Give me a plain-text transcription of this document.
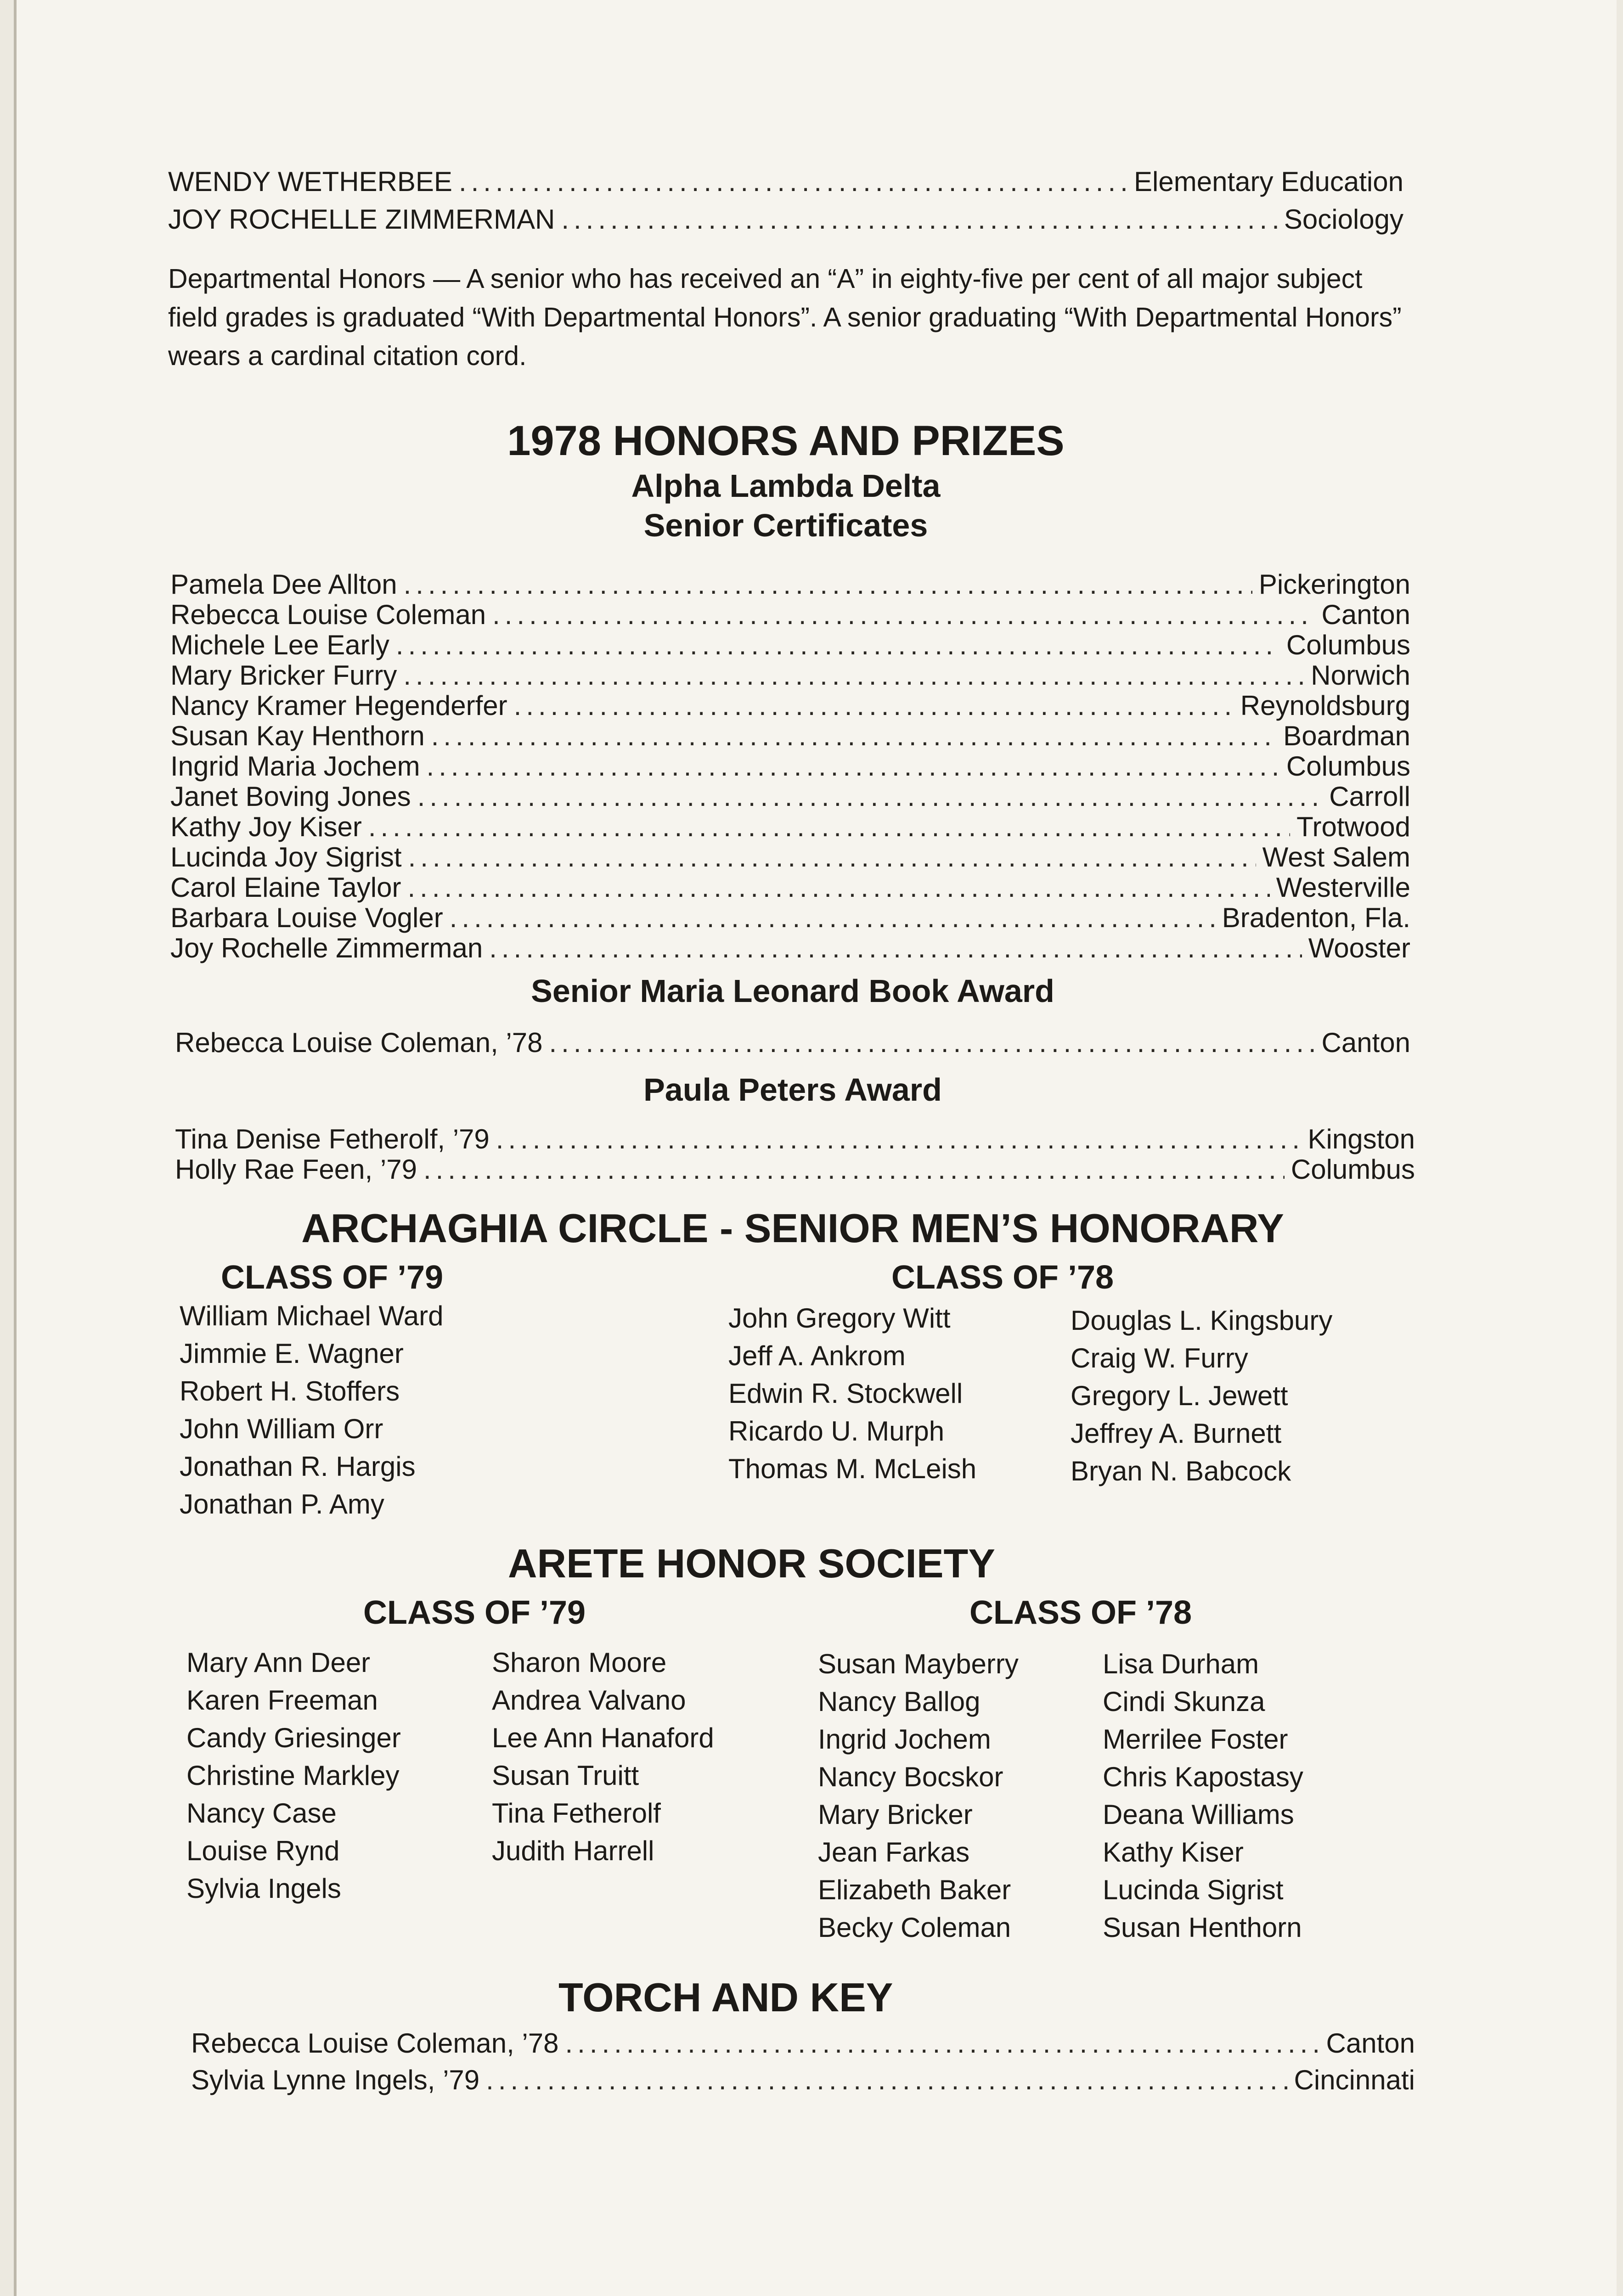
WENDY WETHERBEE .....	Elementary Education
JOY ROCHELLE ZIMMERMAN .....	Sociology

Departmental Honors — A senior who has received an “A” in eighty-five per cent of all major subject field grades is graduated “With Departmental Honors”. A senior graduating “With Departmental Honors” wears a cardinal citation cord.

1978 HONORS AND PRIZES

Alpha Lambda Delta

Senior Certificates

Pamela Dee Allton .....	Pickerington
Rebecca Louise Coleman .....	Canton
Michele Lee Early .....	Columbus
Mary Bricker Furry .....	Norwich
Nancy Kramer Hegenderfer .....	Reynoldsburg
Susan Kay Henthorn .....	Boardman
Ingrid Maria Jochem .....	Columbus
Janet Boving Jones .....	Carroll
Kathy Joy Kiser .....	Trotwood
Lucinda Joy Sigrist .....	West Salem
Carol Elaine Taylor .....	Westerville
Barbara Louise Vogler .....	Bradenton, Fla.
Joy Rochelle Zimmerman .....	Wooster

Senior Maria Leonard Book Award

Rebecca Louise Coleman, ’78 .....	Canton

Paula Peters Award

Tina Denise Fetherolf, ’79 .....	Kingston
Holly Rae Feen, ’79 .....	Columbus

ARCHAGHIA CIRCLE - SENIOR MEN’S HONORARY

CLASS OF ’79	CLASS OF ’78
William Michael Ward
Jimmie E. Wagner
Robert H. Stoffers
John William Orr
Jonathan R. Hargis
Jonathan P. Amy
John Gregory Witt
Jeff A. Ankrom
Edwin R. Stockwell
Ricardo U. Murph
Thomas M. McLeish
Douglas L. Kingsbury
Craig W. Furry
Gregory L. Jewett
Jeffrey A. Burnett
Bryan N. Babcock

ARETE HONOR SOCIETY

CLASS OF ’79	CLASS OF ’78
Mary Ann Deer
Karen Freeman
Candy Griesinger
Christine Markley
Nancy Case
Louise Rynd
Sylvia Ingels
Sharon Moore
Andrea Valvano
Lee Ann Hanaford
Susan Truitt
Tina Fetherolf
Judith Harrell
Susan Mayberry
Nancy Ballog
Ingrid Jochem
Nancy Bocskor
Mary Bricker
Jean Farkas
Elizabeth Baker
Becky Coleman
Lisa Durham
Cindi Skunza
Merrilee Foster
Chris Kapostasy
Deana Williams
Kathy Kiser
Lucinda Sigrist
Susan Henthorn

TORCH AND KEY

Rebecca Louise Coleman, ’78 .....	Canton
Sylvia Lynne Ingels, ’79 .....	Cincinnati
